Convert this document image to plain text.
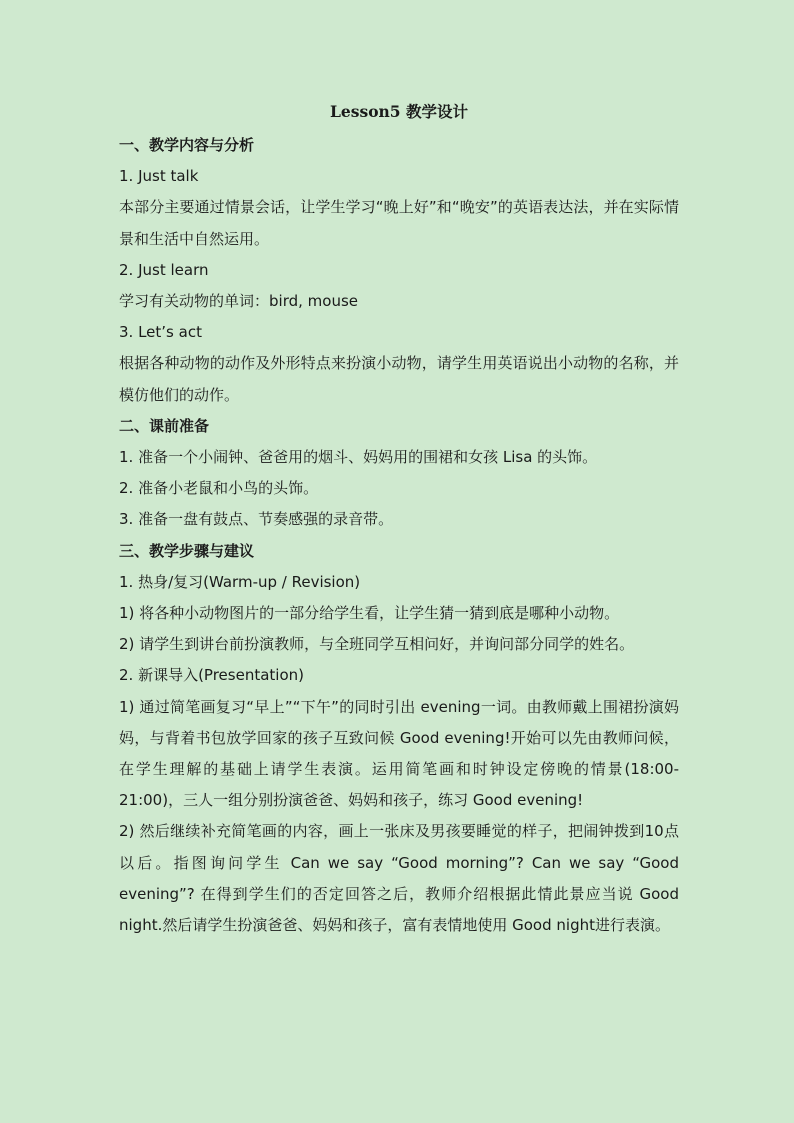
Lesson5 教学设计
一、教学内容与分析
1. Just talk
本部分主要通过情景会话，让学生学习“晚上好”和“晚安”的英语表达法，并在实际情景和生活中自然运用。
2. Just learn
学习有关动物的单词：bird, mouse
3. Let’s act
根据各种动物的动作及外形特点来扮演小动物，请学生用英语说出小动物的名称，并模仿他们的动作。
二、课前准备
1. 准备一个小闹钟、爸爸用的烟斗、妈妈用的围裙和女孩 Lisa 的头饰。
2. 准备小老鼠和小鸟的头饰。
3. 准备一盘有鼓点、节奏感强的录音带。
三、教学步骤与建议
1. 热身/复习(Warm-up / Revision)
1) 将各种小动物图片的一部分给学生看，让学生猜一猜到底是哪种小动物。
2) 请学生到讲台前扮演教师，与全班同学互相问好，并询问部分同学的姓名。
2. 新课导入(Presentation)
1) 通过简笔画复习“早上”“下午”的同时引出 evening一词。由教师戴上围裙扮演妈妈，与背着书包放学回家的孩子互致问候 Good evening!开始可以先由教师问候，在学生理解的基础上请学生表演。运用简笔画和时钟设定傍晚的情景(18:00-21:00)，三人一组分别扮演爸爸、妈妈和孩子，练习 Good evening!
2) 然后继续补充简笔画的内容，画上一张床及男孩要睡觉的样子，把闹钟拨到10点以后。指图询问学生 Can we say “Good morning”? Can we say “Good evening”? 在得到学生们的否定回答之后，教师介绍根据此情此景应当说 Good night.然后请学生扮演爸爸、妈妈和孩子，富有表情地使用 Good night进行表演。
